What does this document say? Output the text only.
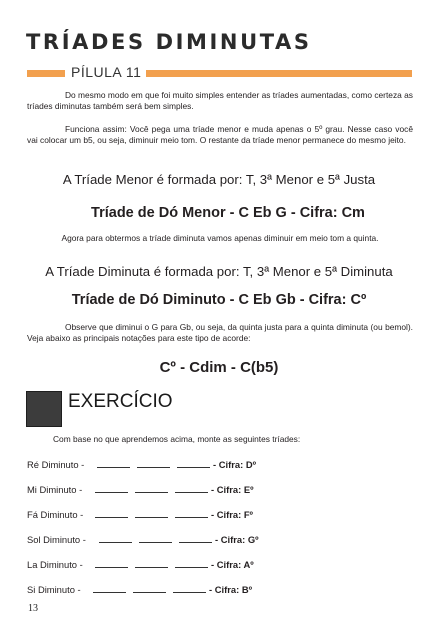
TRÍADES DIMINUTAS
PÍLULA 11

Do mesmo modo em que foi muito simples entender as tríades aumentadas, como certeza as tríades diminutas também será bem simples.

Funciona assim: Você pega uma tríade menor e muda apenas o 5º grau. Nesse caso você vai colocar um b5, ou seja, diminuir meio tom. O restante da tríade menor permanece do mesmo jeito.

A Tríade Menor é formada por: T, 3ª Menor e 5ª Justa

Tríade de Dó Menor - C Eb G - Cifra: Cm

Agora para obtermos a tríade diminuta vamos apenas diminuir em meio tom a quinta.

A Tríade Diminuta é formada por: T, 3ª Menor e 5ª Diminuta

Tríade de Dó Diminuto - C Eb Gb - Cifra: Cº

Observe que diminui o G para Gb, ou seja, da quinta justa para a quinta diminuta (ou bemol). Veja abaixo as principais notações para este tipo de acorde:

Cº - Cdim - C(b5)

EXERCÍCIO

Com base no que aprendemos acima, monte as seguintes tríades:

Ré Diminuto -	- Cifra: Dº
Mi Diminuto -	- Cifra: Eº
Fá Diminuto -	- Cifra: Fº
Sol Diminuto -	- Cifra: Gº
La Diminuto -	- Cifra: Aº
Si Diminuto -	- Cifra: Bº
13
